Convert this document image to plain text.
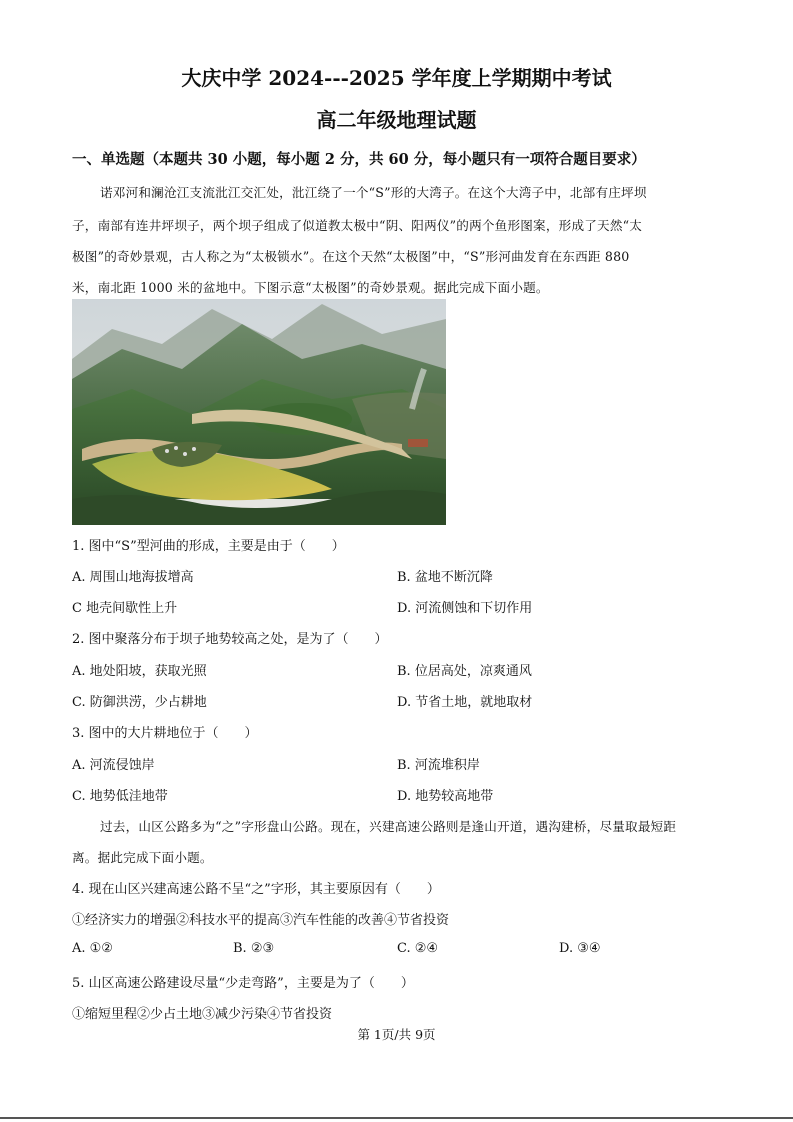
大庆中学 2024---2025 学年度上学期期中考试
高二年级地理试题
一、单选题（本题共 30 小题，每小题 2 分，共 60 分，每小题只有一项符合题目要求）
诺邓河和澜沧江支流沘江交汇处，沘江绕了一个“S”形的大湾子。在这个大湾子中，北部有庄坪坝
子，南部有连井坪坝子，两个坝子组成了似道教太极中“阴、阳两仪”的两个鱼形图案，形成了天然“太
极图”的奇妙景观，古人称之为“太极锁水”。在这个天然“太极图”中，“S”形河曲发育在东西距 880
米，南北距 1000 米的盆地中。下图示意“太极图”的奇妙景观。据此完成下面小题。
1. 图中“S”型河曲的形成，主要是由于（　　）
A. 周围山地海拔增高	B. 盆地不断沉降
C 地壳间歇性上升	D. 河流侧蚀和下切作用
2. 图中聚落分布于坝子地势较高之处，是为了（　　）
A. 地处阳坡，获取光照	B. 位居高处，凉爽通风
C. 防御洪涝，少占耕地	D. 节省土地，就地取材
3. 图中的大片耕地位于（　　）
A. 河流侵蚀岸	B. 河流堆积岸
C. 地势低洼地带	D. 地势较高地带
过去，山区公路多为“之”字形盘山公路。现在，兴建高速公路则是逢山开道，遇沟建桥，尽量取最短距
离。据此完成下面小题。
4. 现在山区兴建高速公路不呈“之”字形，其主要原因有（　　）
①经济实力的增强②科技水平的提高③汽车性能的改善④节省投资
A. ①②	B. ②③	C. ②④	D. ③④
5. 山区高速公路建设尽量“少走弯路”，主要是为了（　　）
①缩短里程②少占土地③减少污染④节省投资
第 1页/共 9页
